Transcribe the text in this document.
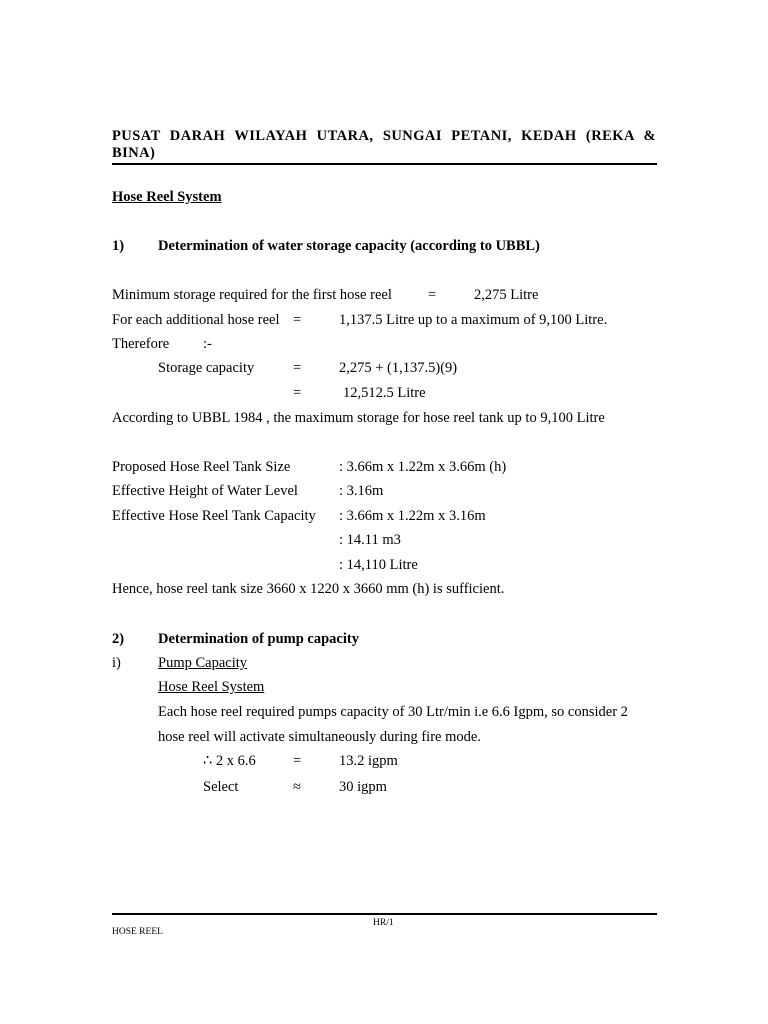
PUSAT DARAH WILAYAH UTARA, SUNGAI PETANI, KEDAH (REKA & BINA)
Hose Reel System
1) Determination of water storage capacity (according to UBBL)
Minimum storage required for the first hose reel =	2,275 Litre
For each additional hose reel =	1,137.5 Litre up to a maximum of 9,100 Litre.
Therefore :-
Storage capacity	=	2,275 + (1,137.5)(9)
=	12,512.5 Litre
According to UBBL 1984 , the maximum storage for hose reel tank up to 9,100 Litre
Proposed Hose Reel Tank Size	: 3.66m x 1.22m x 3.66m (h)
Effective Height of Water Level	: 3.16m
Effective Hose Reel Tank Capacity : 3.66m x 1.22m x 3.16m
: 14.11 m3
: 14,110 Litre
Hence, hose reel tank size 3660 x 1220 x 3660 mm (h) is sufficient.
2) Determination of pump capacity
i)	Pump Capacity
Hose Reel System
Each hose reel required pumps capacity of 30 Ltr/min i.e 6.6 Igpm, so consider 2
hose reel will activate simultaneously during fire mode.
∴ 2 x 6.6	=	13.2 igpm
Select	≈	30 igpm
HR/1
HOSE REEL
